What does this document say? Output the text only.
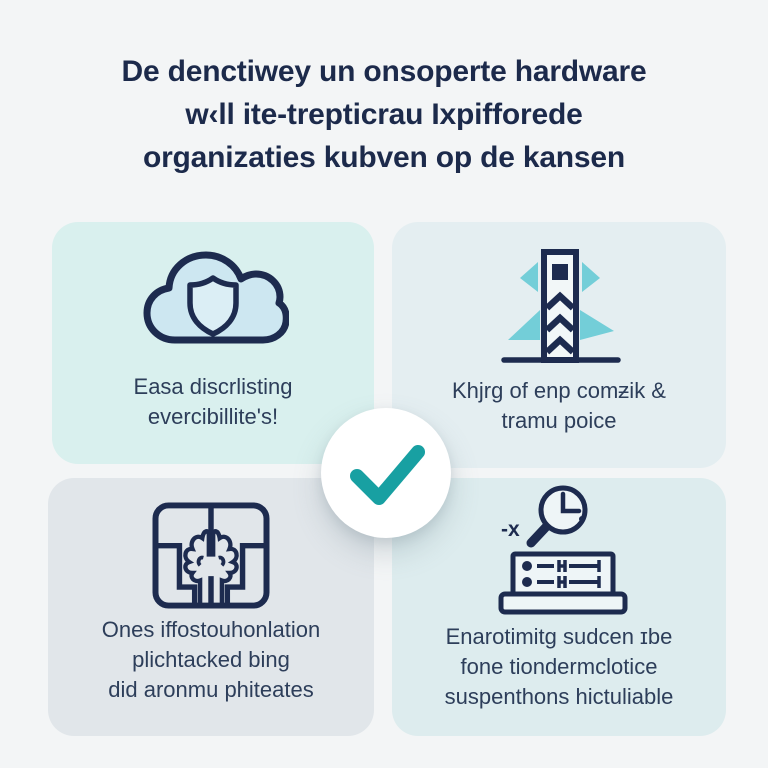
De denctiwey un onsoperte hardware
w‹ll ite-trepticrau Ixpifforede
organizaties kubven op de kansen
Easa discrlisting
evercibillite's!
Khjrg of enp comƶik &
tramu poice
Ones iffostouhonlation
plichtacked bing
did aronmu phiteates
-x
Enarotimitg sudcen ɪbe
fone tiondermclotice
suspenthons hictuliable
